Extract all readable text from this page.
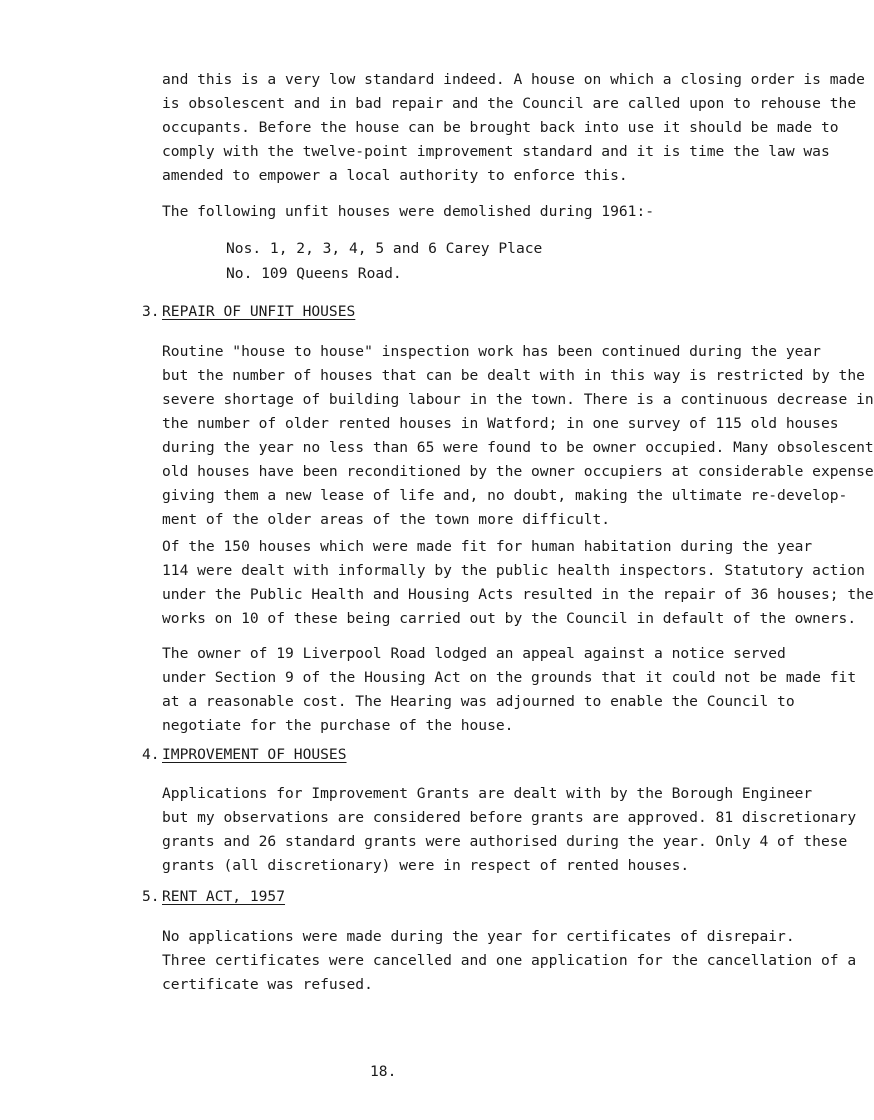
and this is a very low standard indeed. A house on which a closing order is made
is obsolescent and in bad repair and the Council are called upon to rehouse the
occupants. Before the house can be brought back into use it should be made to
comply with the twelve-point improvement standard and it is time the law was
amended to empower a local authority to enforce this.

The following unfit houses were demolished during 1961:-

Nos. 1, 2, 3, 4, 5 and 6 Carey Place

No. 109 Queens Road.

3. REPAIR OF UNFIT HOUSES

Routine "house to house" inspection work has been continued during the year
but the number of houses that can be dealt with in this way is restricted by the
severe shortage of building labour in the town. There is a continuous decrease in
the number of older rented houses in Watford; in one survey of 115 old houses
during the year no less than 65 were found to be owner occupied. Many obsolescent
old houses have been reconditioned by the owner occupiers at considerable expense
giving them a new lease of life and, no doubt, making the ultimate re-develop-
ment of the older areas of the town more difficult.

Of the 150 houses which were made fit for human habitation during the year
114 were dealt with informally by the public health inspectors. Statutory action
under the Public Health and Housing Acts resulted in the repair of 36 houses; the
works on 10 of these being carried out by the Council in default of the owners.

The owner of 19 Liverpool Road lodged an appeal against a notice served
under Section 9 of the Housing Act on the grounds that it could not be made fit
at a reasonable cost. The Hearing was adjourned to enable the Council to
negotiate for the purchase of the house.

4. IMPROVEMENT OF HOUSES

Applications for Improvement Grants are dealt with by the Borough Engineer
but my observations are considered before grants are approved. 81 discretionary
grants and 26 standard grants were authorised during the year. Only 4 of these
grants (all discretionary) were in respect of rented houses.

5. RENT ACT, 1957

No applications were made during the year for certificates of disrepair.
Three certificates were cancelled and one application for the cancellation of a
certificate was refused.

18.
